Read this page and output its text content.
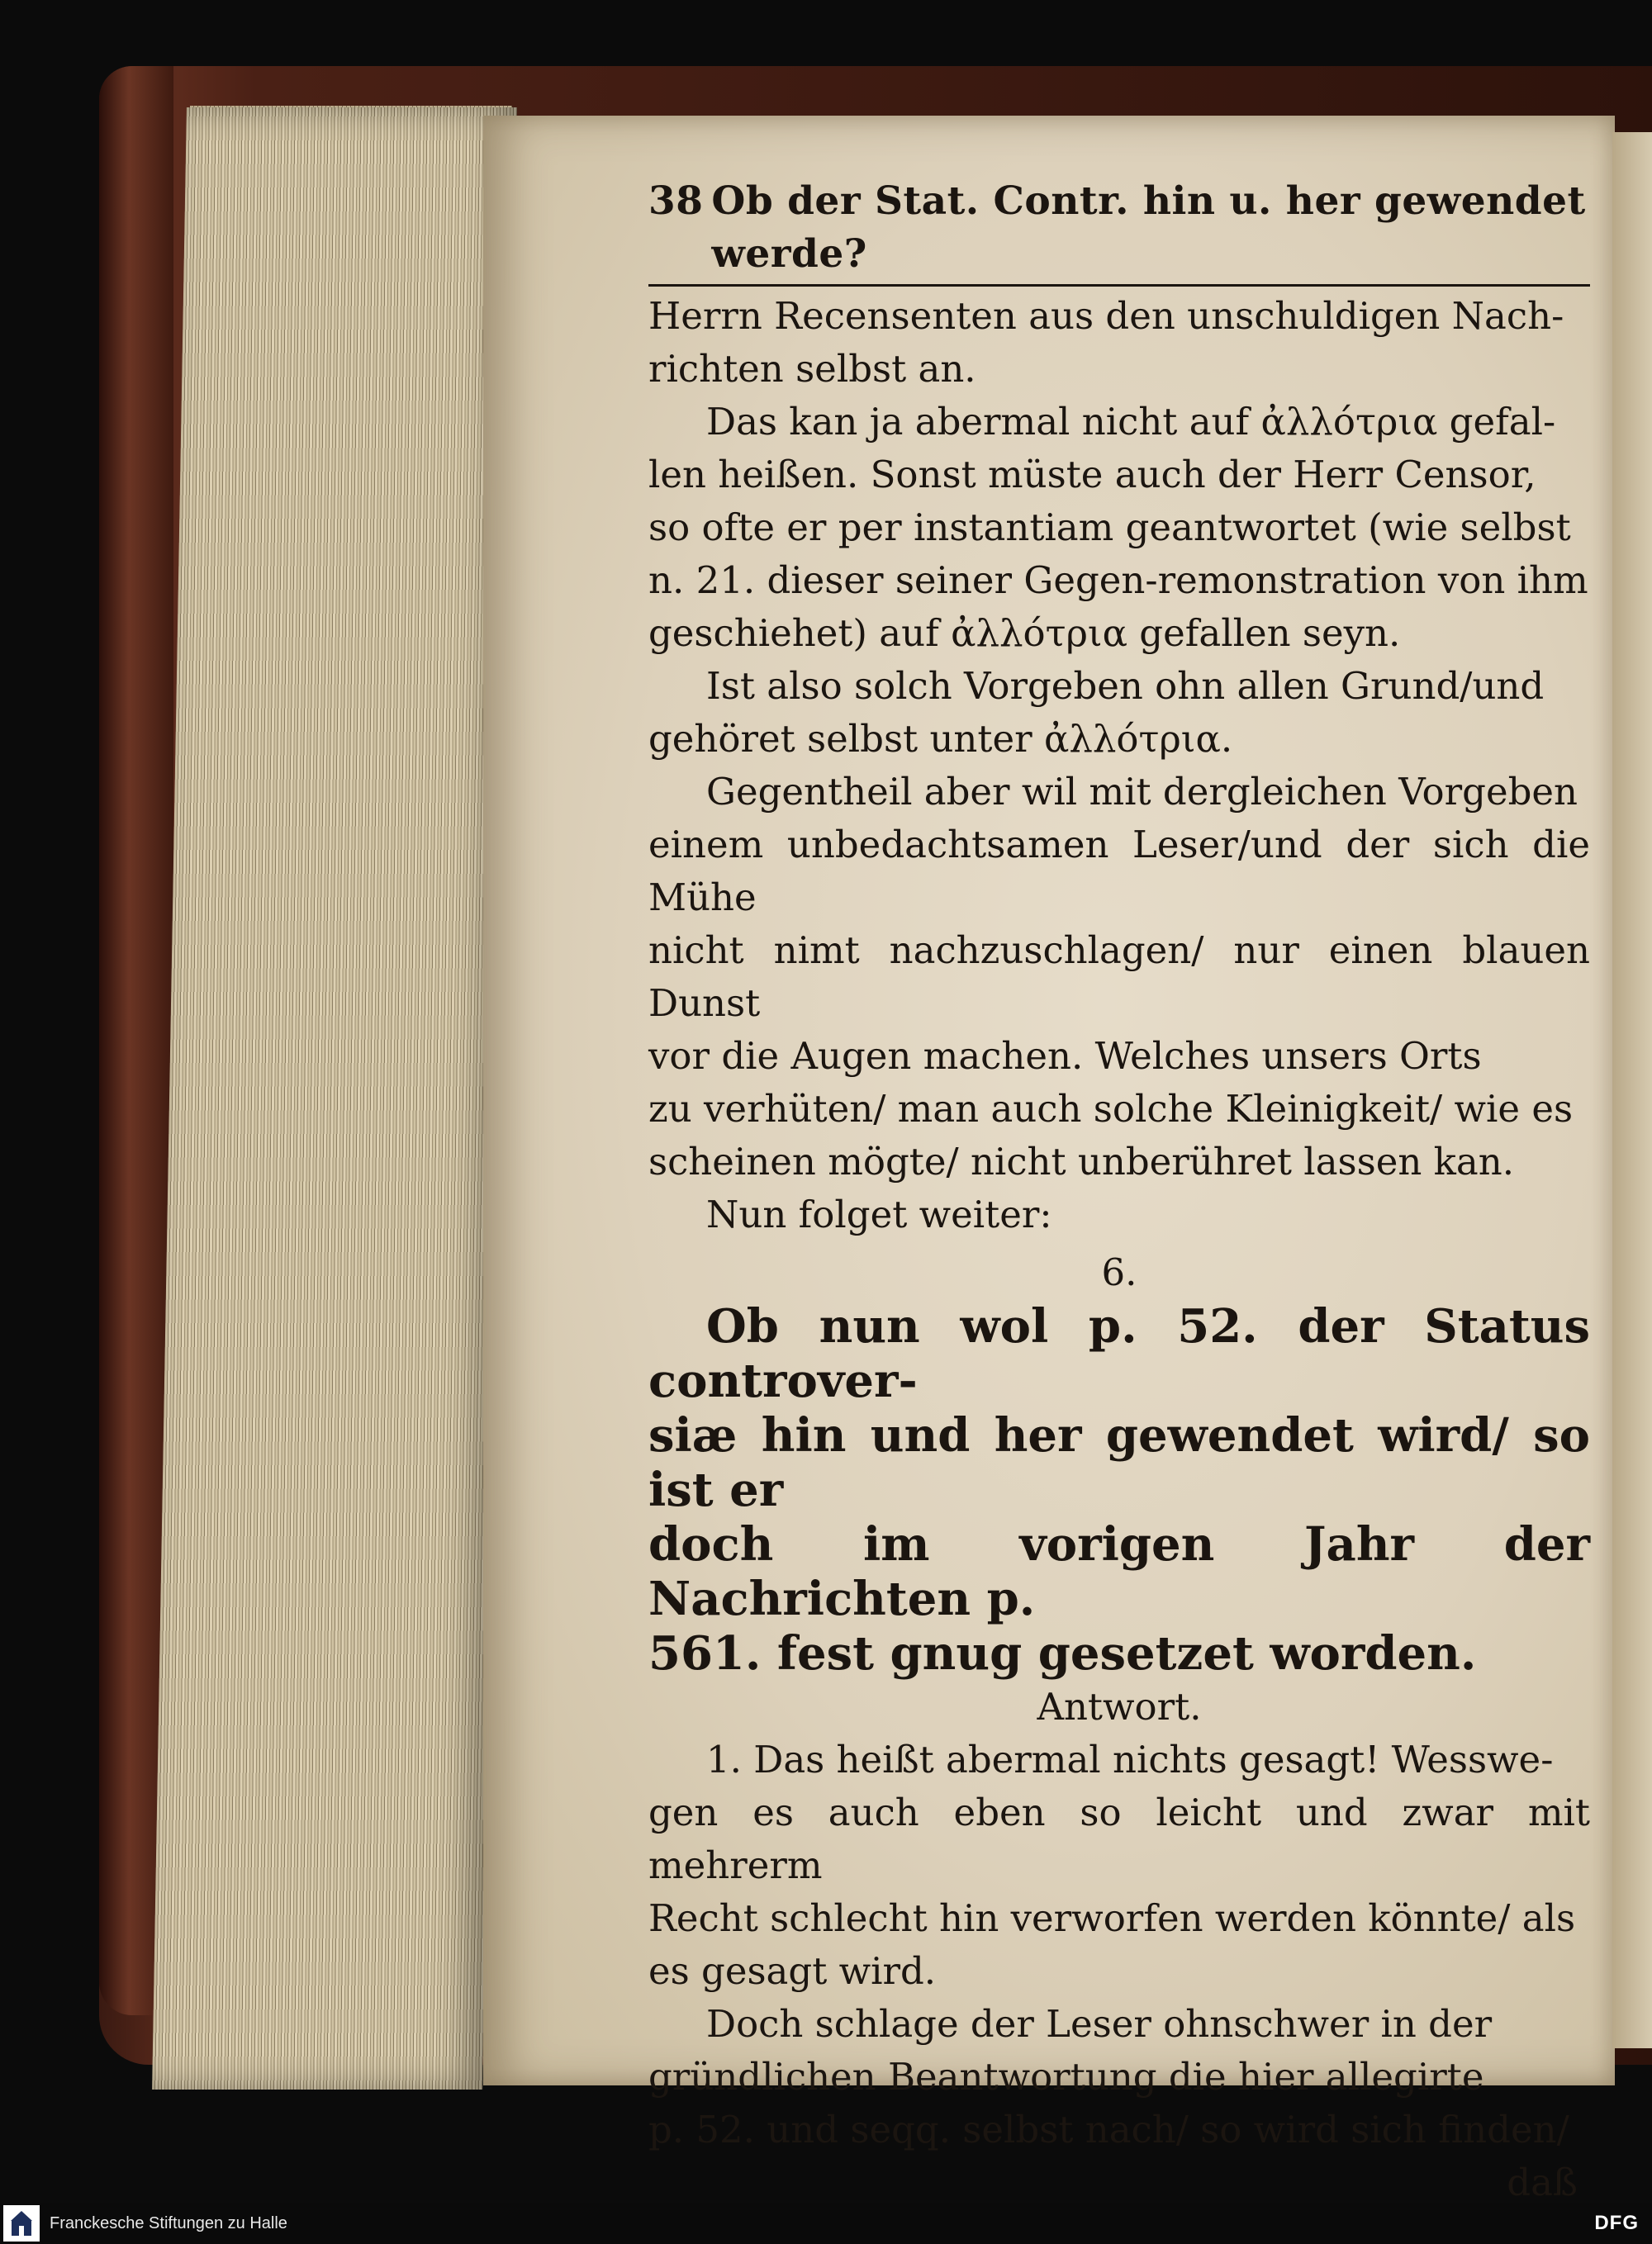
38 Ob der Stat. Contr. hin u. her gewendet werde?

Herrn Recensenten aus den unschuldigen Nach-

richten selbst an.

Das kan ja abermal nicht auf ἀλλότρια gefal-

len heißen. Sonst müste auch der Herr Censor,

so ofte er per instantiam geantwortet (wie selbst

n. 21. dieser seiner Gegen-remonstration von ihm

geschiehet) auf ἀλλότρια gefallen seyn.

Ist also solch Vorgeben ohn allen Grund/und

gehöret selbst unter ἀλλότρια.

Gegentheil aber wil mit dergleichen Vorgeben

einem unbedachtsamen Leser/und der sich die Mühe

nicht nimt nachzuschlagen/ nur einen blauen Dunst

vor die Augen machen. Welches unsers Orts

zu verhüten/ man auch solche Kleinigkeit/ wie es

scheinen mögte/ nicht unberühret lassen kan.

Nun folget weiter:

6.

Ob nun wol p. 52. der Status controver-

siæ hin und her gewendet wird/ so ist er

doch im vorigen Jahr der Nachrichten p.

561. fest gnug gesetzet worden.

Antwort.

1. Das heißt abermal nichts gesagt! Wesswe-

gen es auch eben so leicht und zwar mit mehrerm

Recht schlecht hin verworfen werden könnte/ als

es gesagt wird.

Doch schlage der Leser ohnschwer in der

gründlichen Beantwortung die hier allegirte

p. 52. und seqq. selbst nach/ so wird sich finden/

daß

Franckesche Stiftungen zu Halle	DFG
